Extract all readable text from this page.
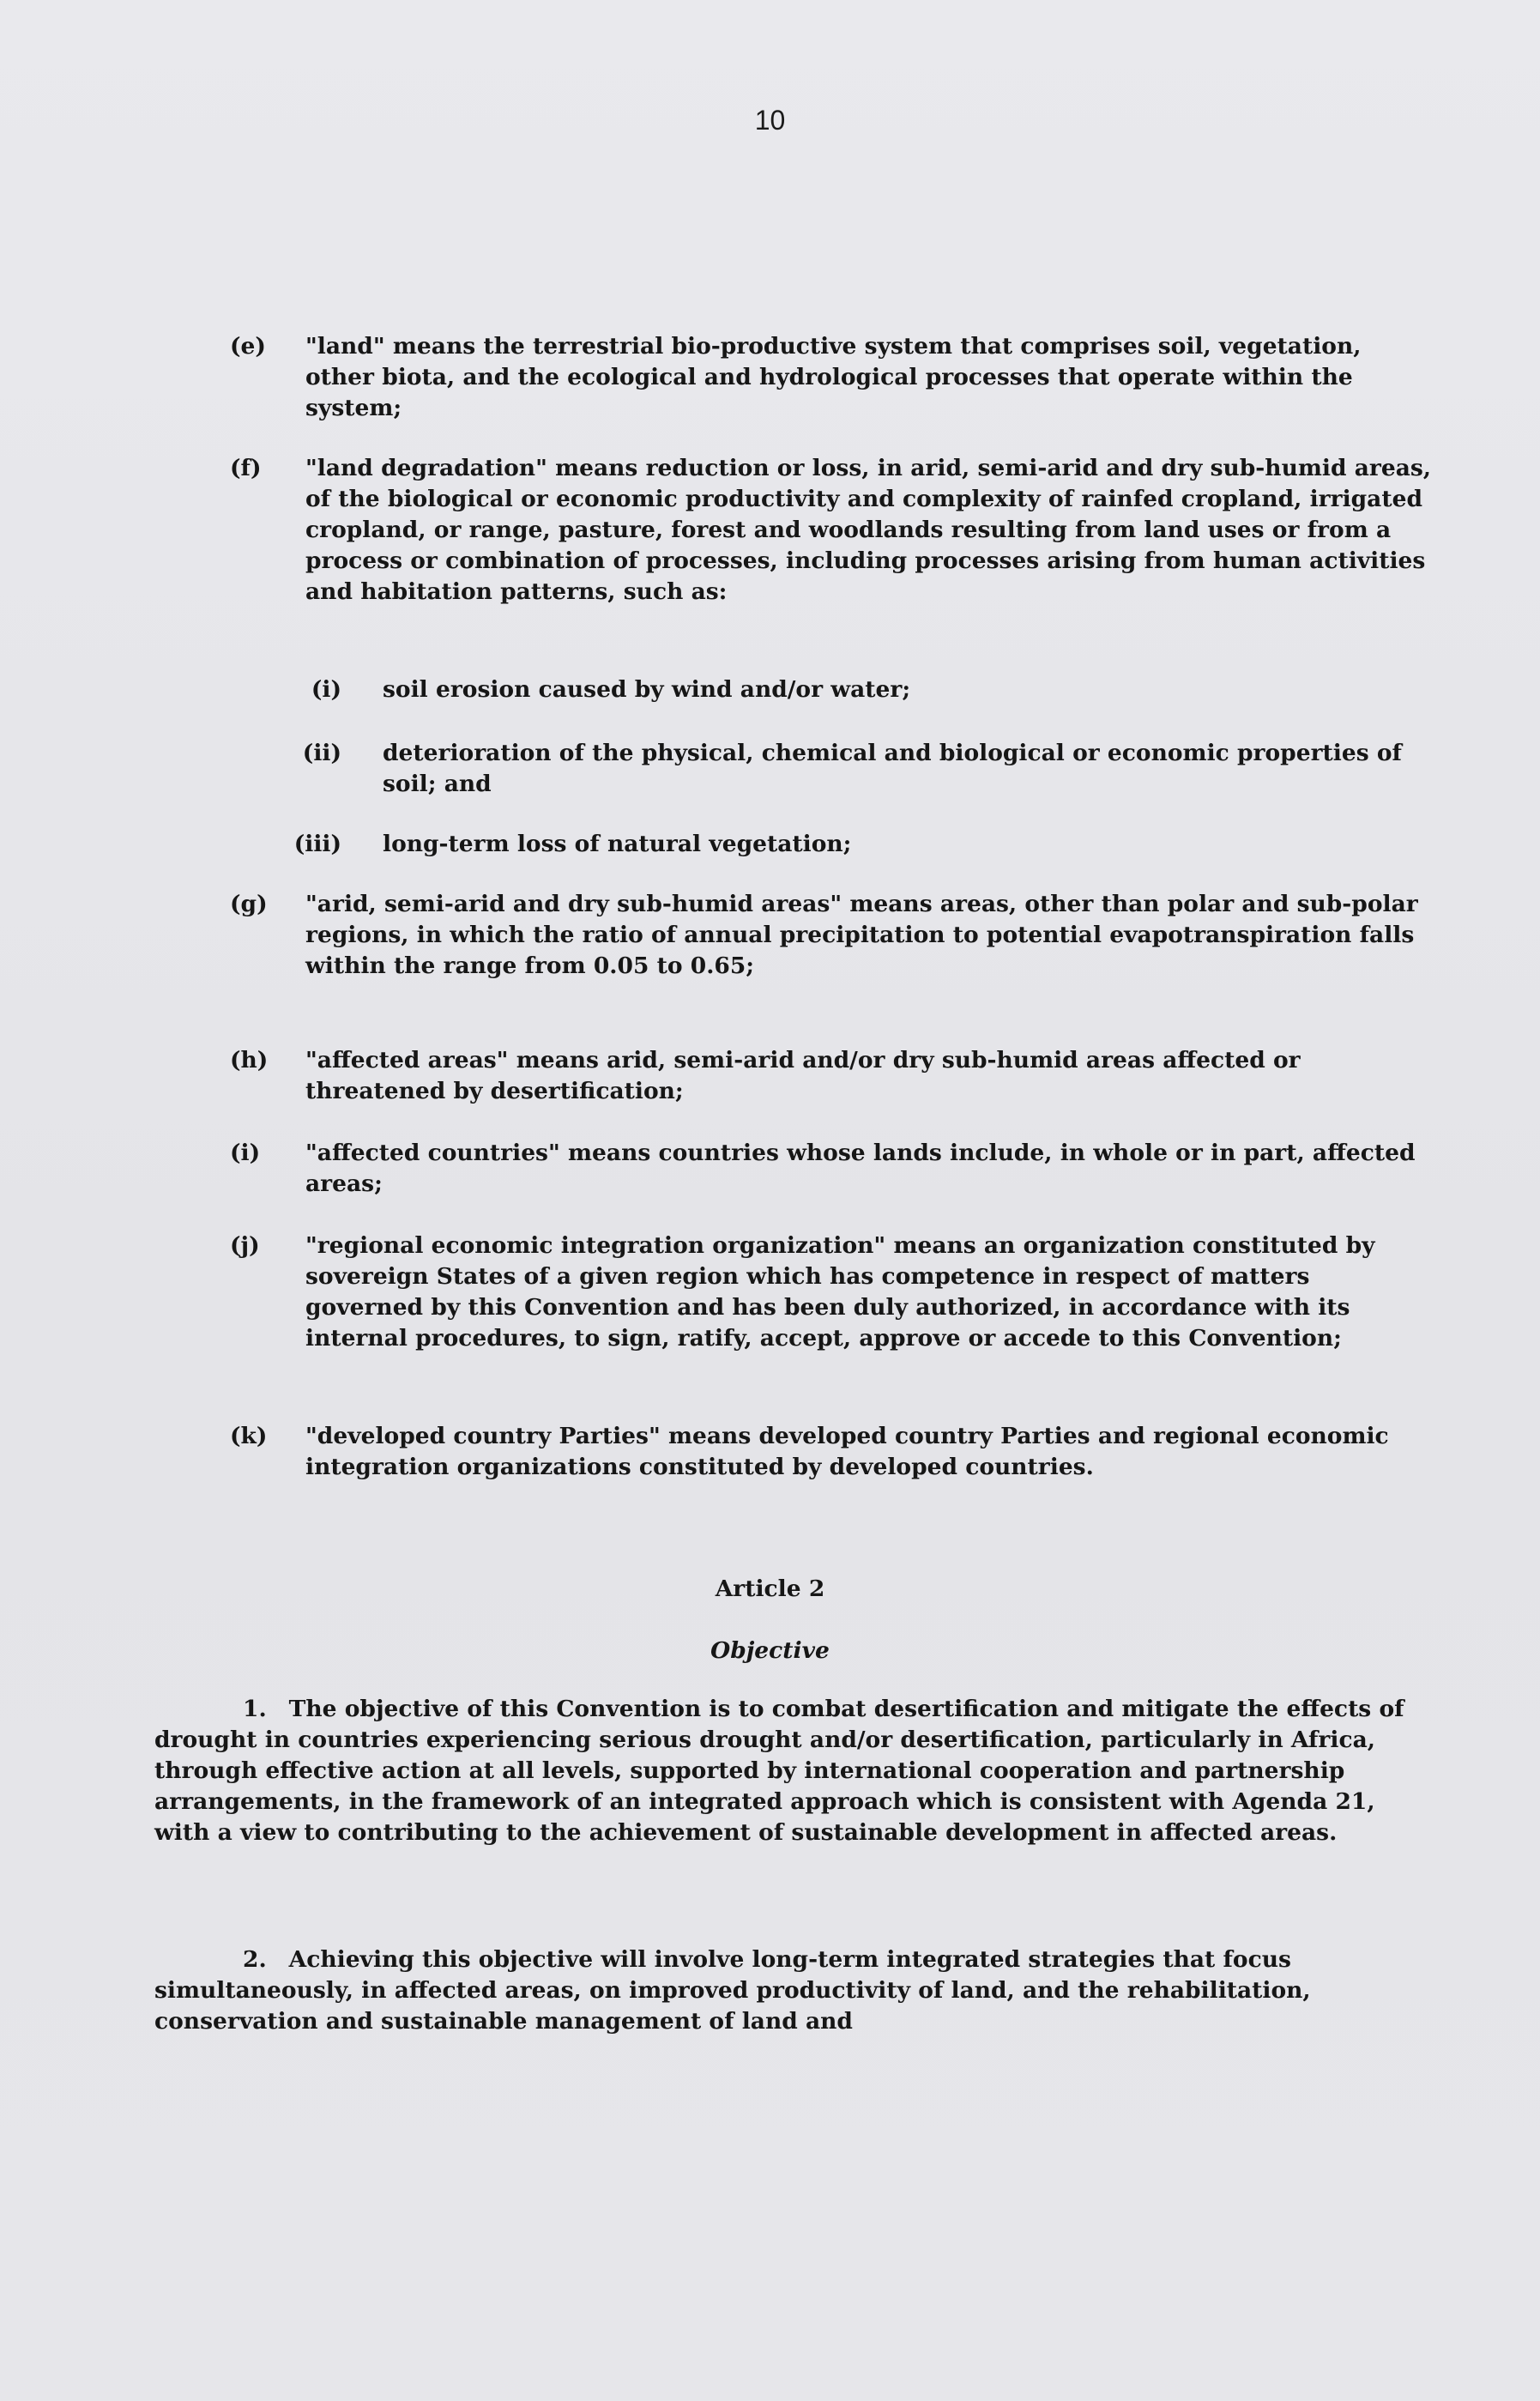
10
(e) "land" means the terrestrial bio-productive system that comprises soil, vegetation, other biota, and the ecological and hydrological processes that operate within the system;
(f) "land degradation" means reduction or loss, in arid, semi-arid and dry sub-humid areas, of the biological or economic productivity and complexity of rainfed cropland, irrigated cropland, or range, pasture, forest and woodlands resulting from land uses or from a process or combination of processes, including processes arising from human activities and habitation patterns, such as:
(i) soil erosion caused by wind and/or water;
(ii) deterioration of the physical, chemical and biological or economic properties of soil; and
(iii) long-term loss of natural vegetation;
(g) "arid, semi-arid and dry sub-humid areas" means areas, other than polar and sub-polar regions, in which the ratio of annual precipitation to potential evapotranspiration falls within the range from 0.05 to 0.65;
(h) "affected areas" means arid, semi-arid and/or dry sub-humid areas affected or threatened by desertification;
(i) "affected countries" means countries whose lands include, in whole or in part, affected areas;
(j) "regional economic integration organization" means an organization constituted by sovereign States of a given region which has competence in respect of matters governed by this Convention and has been duly authorized, in accordance with its internal procedures, to sign, ratify, accept, approve or accede to this Convention;
(k) "developed country Parties" means developed country Parties and regional economic integration organizations constituted by developed countries.
Article 2
Objective
1. The objective of this Convention is to combat desertification and mitigate the effects of drought in countries experiencing serious drought and/or desertification, particularly in Africa, through effective action at all levels, supported by international cooperation and partnership arrangements, in the framework of an integrated approach which is consistent with Agenda 21, with a view to contributing to the achievement of sustainable development in affected areas.
2. Achieving this objective will involve long-term integrated strategies that focus simultaneously, in affected areas, on improved productivity of land, and the rehabilitation, conservation and sustainable management of land and
